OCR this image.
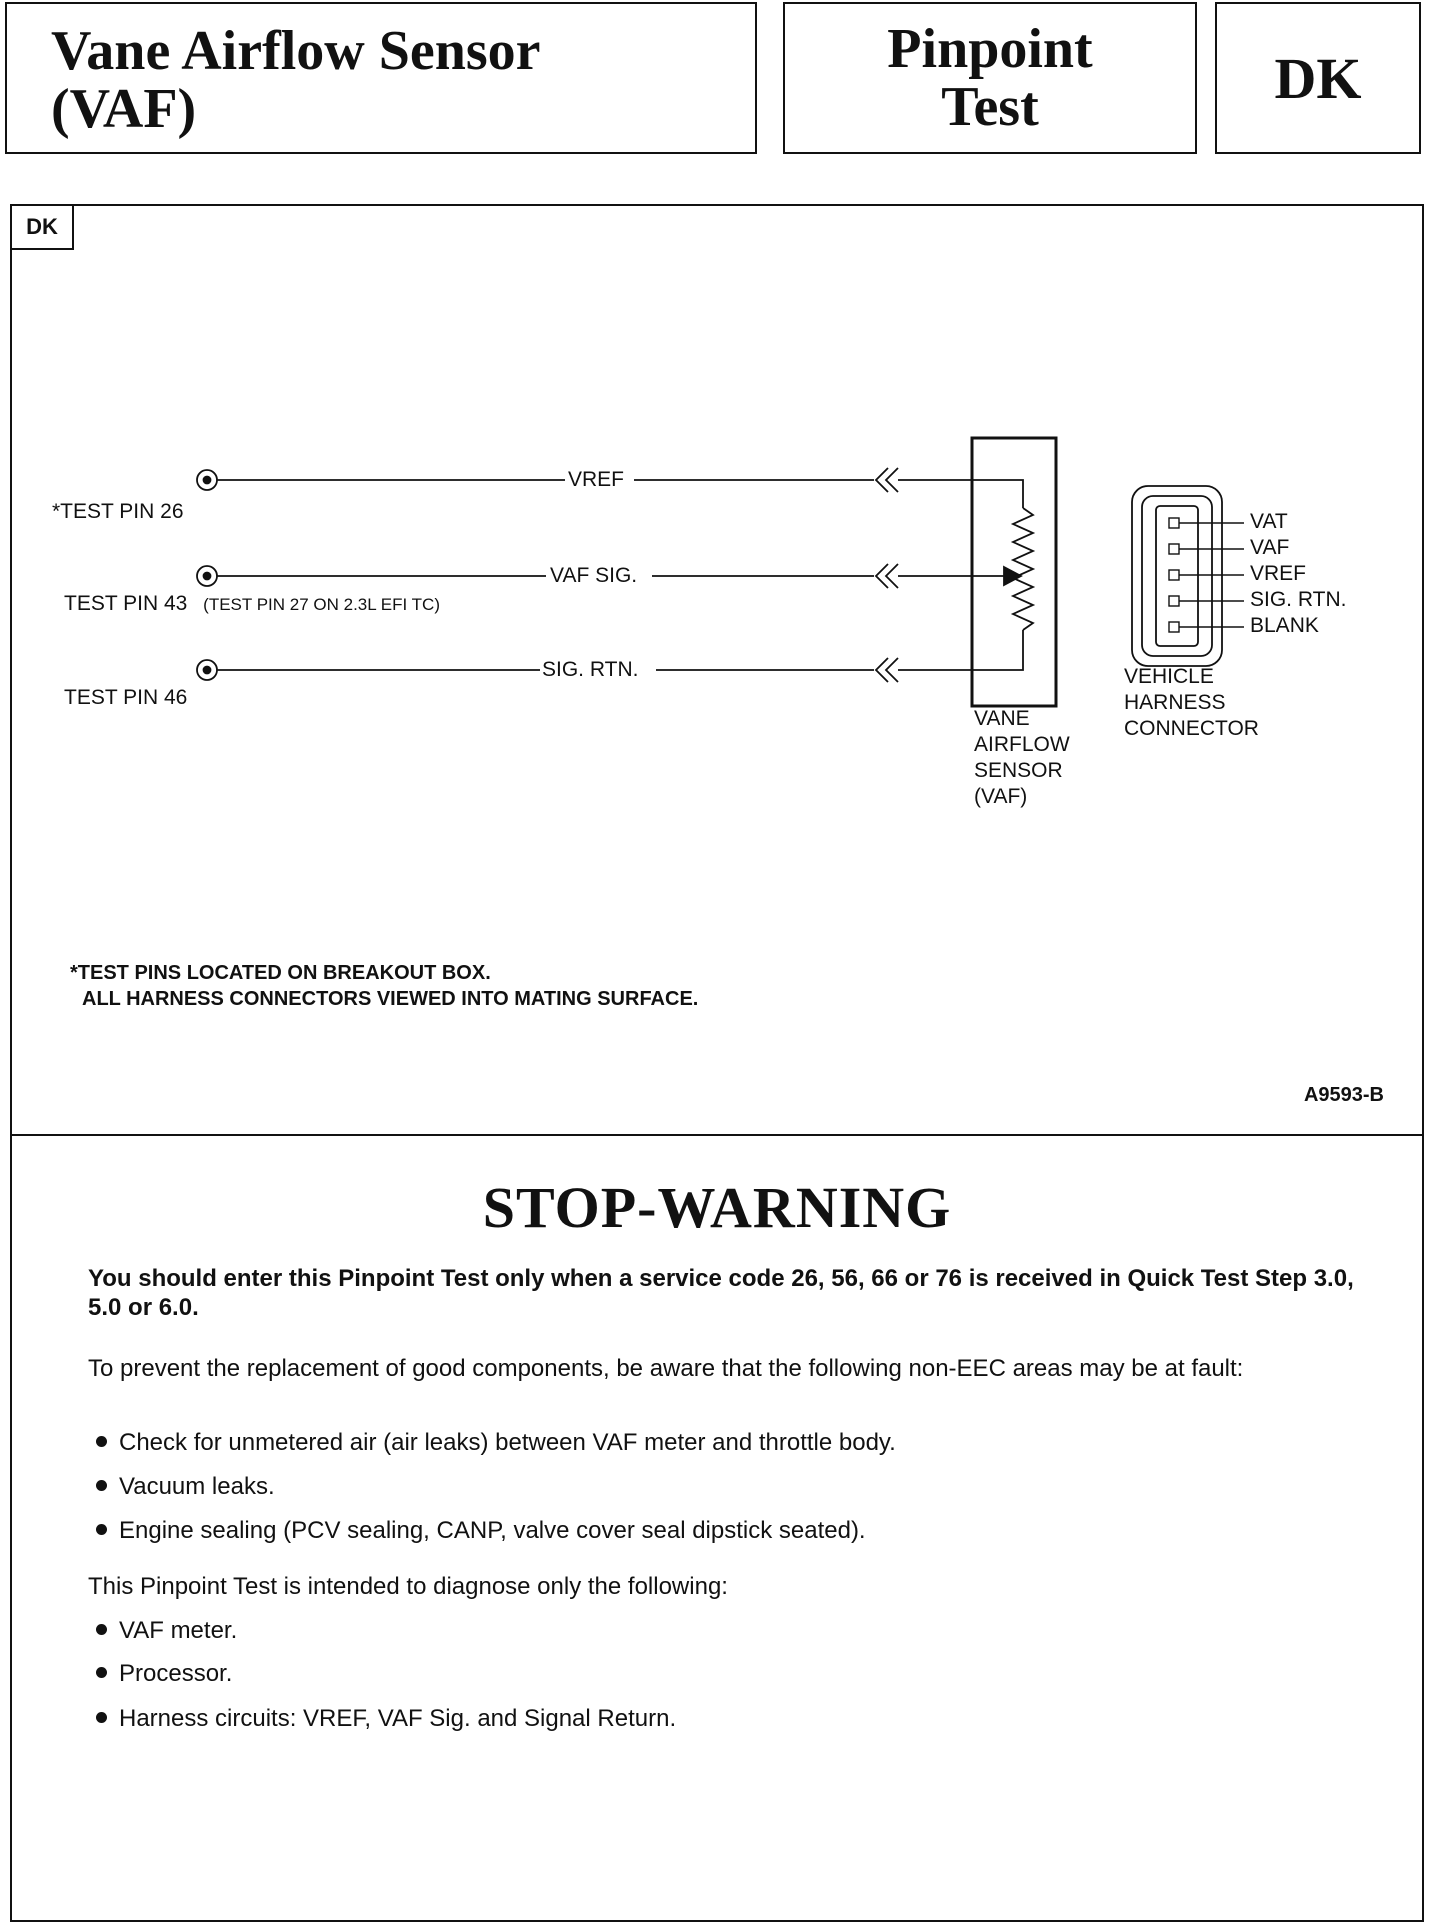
Vane Airflow Sensor
(VAF)
Pinpoint
Test	DK
DK
VREF
VAF SIG.
SIG. RTN.
*TEST PIN 26
TEST PIN 43 (TEST PIN 27 ON 2.3L EFI TC)
TEST PIN 46
VANE
AIRFLOW
SENSOR
(VAF)
VAT
VAF
VREF
SIG. RTN.
BLANK
VEHICLE
HARNESS
CONNECTOR
*TEST PINS LOCATED ON BREAKOUT BOX.
ALL HARNESS CONNECTORS VIEWED INTO MATING SURFACE.
A9593-B
STOP-WARNING
You should enter this Pinpoint Test only when a service code 26, 56, 66 or 76 is received in Quick Test Step 3.0, 5.0 or 6.0.
To prevent the replacement of good components, be aware that the following non-EEC areas may be at fault:
Check for unmetered air (air leaks) between VAF meter and throttle body.
Vacuum leaks.
Engine sealing (PCV sealing, CANP, valve cover seal dipstick seated).
This Pinpoint Test is intended to diagnose only the following:
VAF meter.
Processor.
Harness circuits: VREF, VAF Sig. and Signal Return.
